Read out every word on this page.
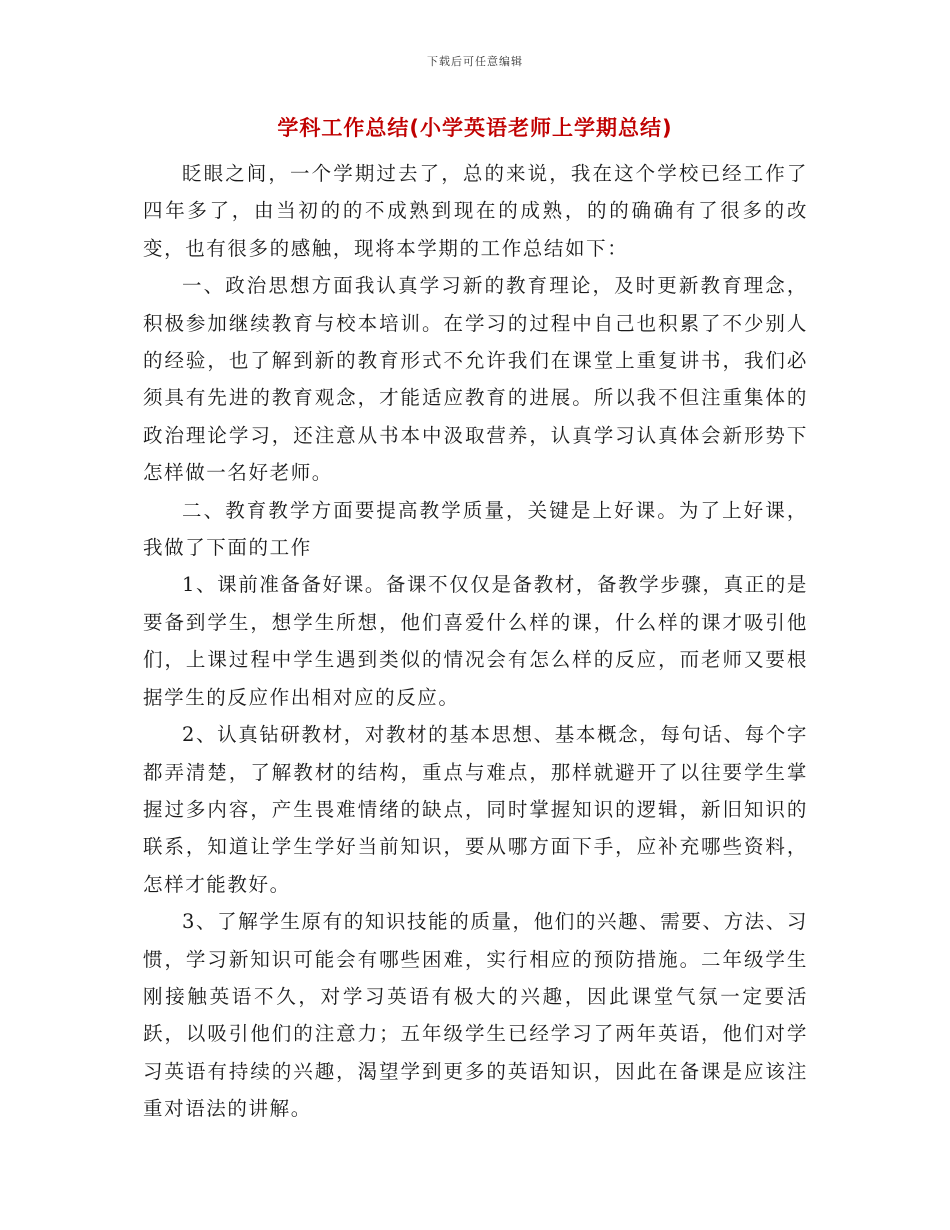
下载后可任意编辑
学科工作总结(小学英语老师上学期总结)

眨眼之间，一个学期过去了，总的来说，我在这个学校已经工作了四年多了，由当初的的不成熟到现在的成熟，的的确确有了很多的改变，也有很多的感触，现将本学期的工作总结如下：

一、政治思想方面我认真学习新的教育理论，及时更新教育理念，积极参加继续教育与校本培训。在学习的过程中自己也积累了不少别人的经验，也了解到新的教育形式不允许我们在课堂上重复讲书，我们必须具有先进的教育观念，才能适应教育的进展。所以我不但注重集体的政治理论学习，还注意从书本中汲取营养，认真学习认真体会新形势下怎样做一名好老师。

二、教育教学方面要提高教学质量，关键是上好课。为了上好课，我做了下面的工作

1、课前准备备好课。备课不仅仅是备教材，备教学步骤，真正的是要备到学生，想学生所想，他们喜爱什么样的课，什么样的课才吸引他们，上课过程中学生遇到类似的情况会有怎么样的反应，而老师又要根据学生的反应作出相对应的反应。

2、认真钻研教材，对教材的基本思想、基本概念，每句话、每个字都弄清楚，了解教材的结构，重点与难点，那样就避开了以往要学生掌握过多内容，产生畏难情绪的缺点，同时掌握知识的逻辑，新旧知识的联系，知道让学生学好当前知识，要从哪方面下手，应补充哪些资料，怎样才能教好。

3、了解学生原有的知识技能的质量，他们的兴趣、需要、方法、习惯，学习新知识可能会有哪些困难，实行相应的预防措施。二年级学生刚接触英语不久，对学习英语有极大的兴趣，因此课堂气氛一定要活跃，以吸引他们的注意力；五年级学生已经学习了两年英语，他们对学习英语有持续的兴趣，渴望学到更多的英语知识，因此在备课是应该注重对语法的讲解。
